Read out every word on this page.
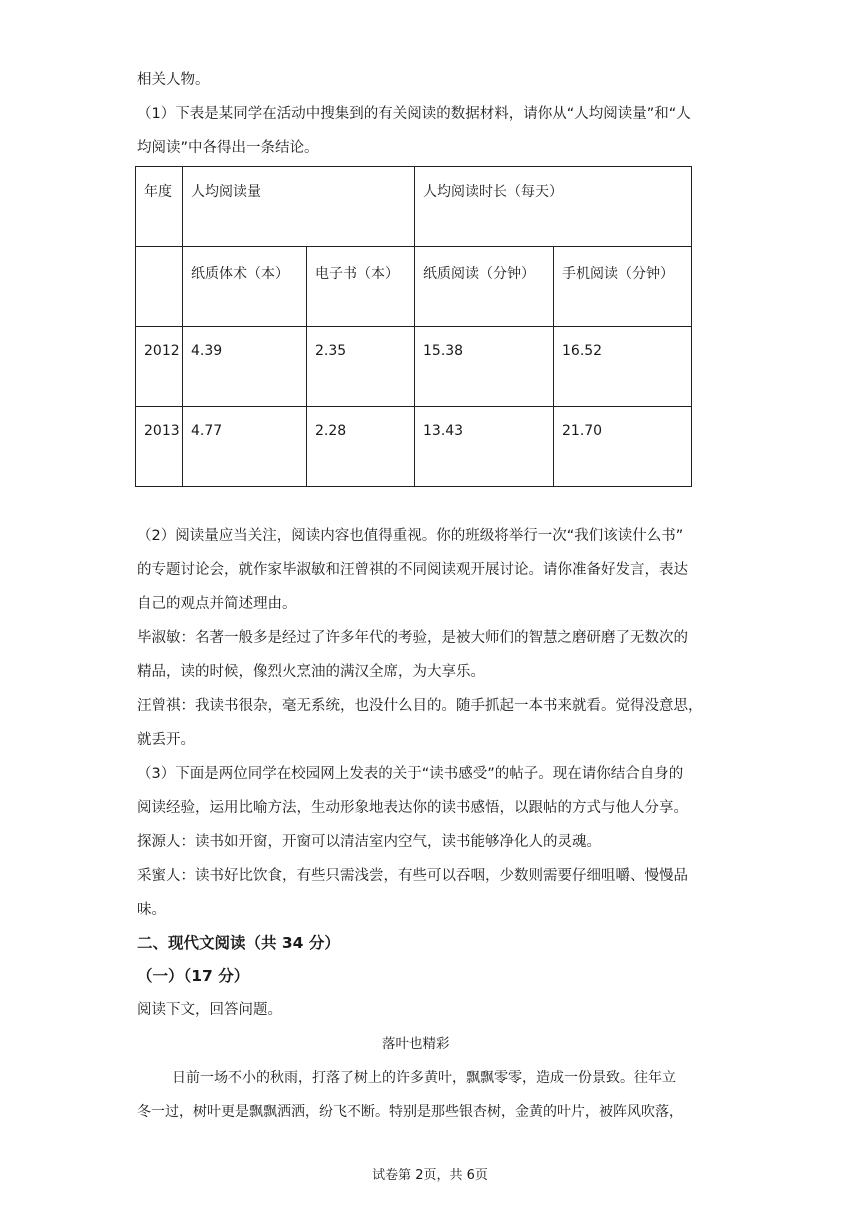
相关人物。
（1）下表是某同学在活动中搜集到的有关阅读的数据材料，请你从“人均阅读量”和“人
均阅读”中各得出一条结论。
年度	人均阅读量		人均阅读时长（每天）	
	纸质体术（本）	电子书（本）	纸质阅读（分钟）	手机阅读（分钟）
2012	4.39	2.35	15.38	16.52
2013	4.77	2.28	13.43	21.70
（2）阅读量应当关注，阅读内容也值得重视。你的班级将举行一次“我们该读什么书”
的专题讨论会，就作家毕淑敏和汪曾祺的不同阅读观开展讨论。请你准备好发言，表达
自己的观点并简述理由。
毕淑敏：名著一般多是经过了许多年代的考验，是被大师们的智慧之磨研磨了无数次的
精品，读的时候，像烈火烹油的满汉全席，为大享乐。
汪曾祺：我读书很杂，毫无系统，也没什么目的。随手抓起一本书来就看。觉得没意思，
就丢开。
（3）下面是两位同学在校园网上发表的关于“读书感受”的帖子。现在请你结合自身的
阅读经验，运用比喻方法，生动形象地表达你的读书感悟，以跟帖的方式与他人分享。
探源人：读书如开窗，开窗可以清洁室内空气，读书能够净化人的灵魂。
采蜜人：读书好比饮食，有些只需浅尝，有些可以吞咽，少数则需要仔细咀嚼、慢慢品
味。
二、现代文阅读（共 34 分）
（一）（17 分）
阅读下文，回答问题。
落叶也精彩
日前一场不小的秋雨，打落了树上的许多黄叶，飘飘零零，造成一份景致。往年立
冬一过，树叶更是飘飘洒洒，纷飞不断。特别是那些银杏树，金黄的叶片，被阵风吹落，
试卷第 2页，共 6页
